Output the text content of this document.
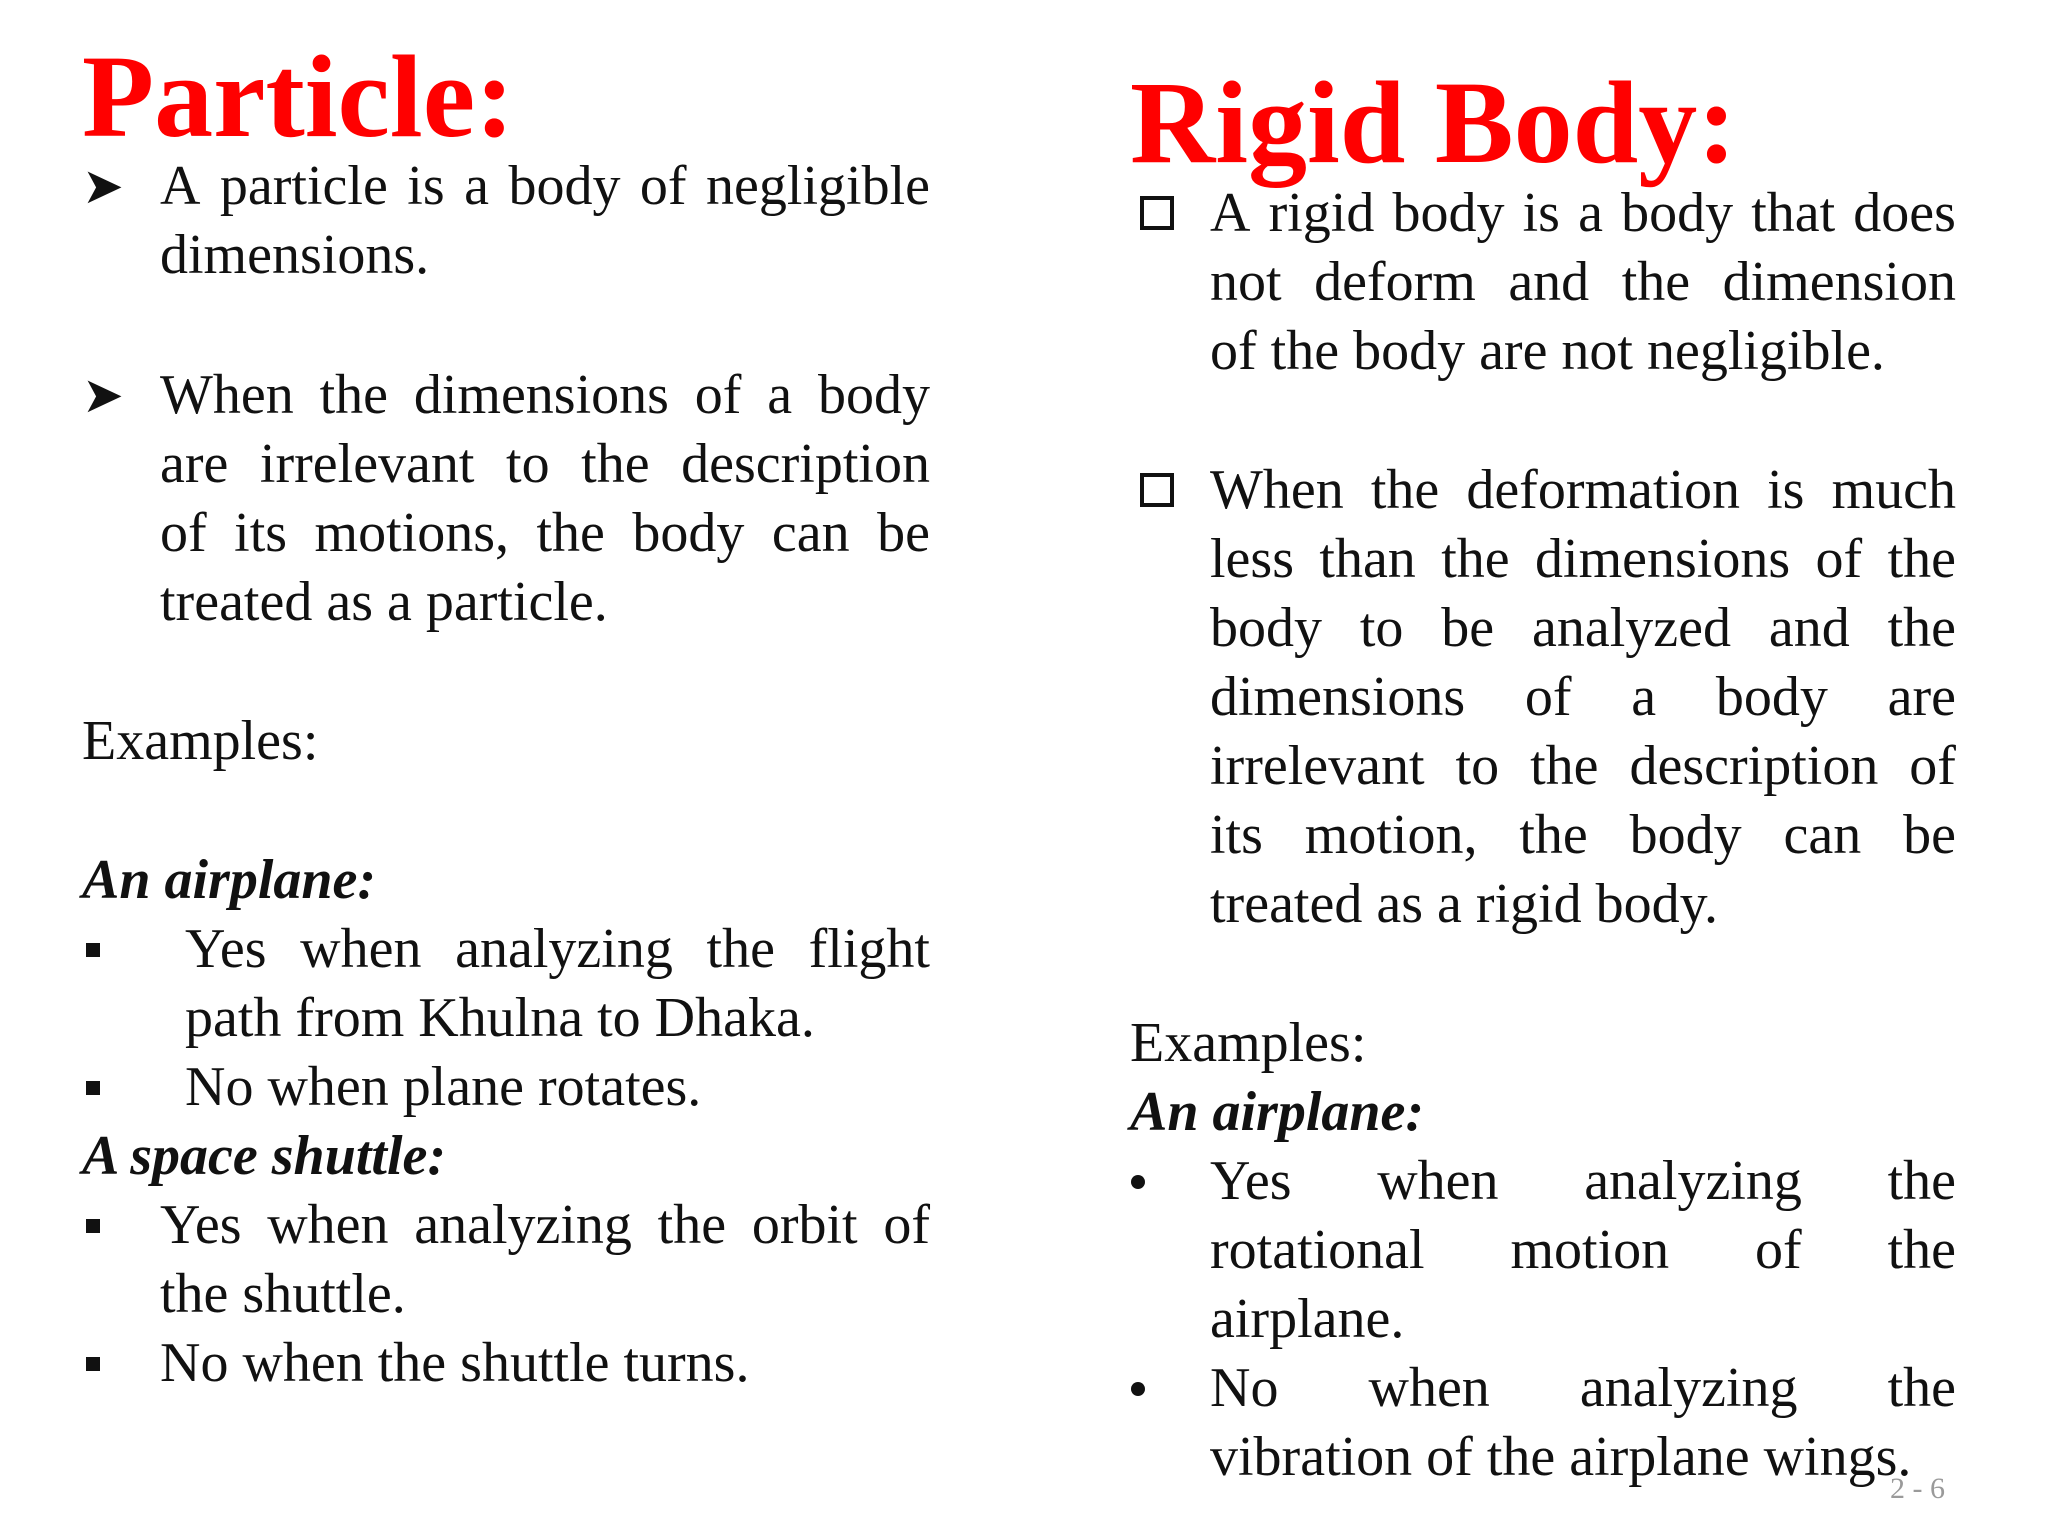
Particle:
➤ A particle is a body of negligible
dimensions.
➤ When the dimensions of a body
are irrelevant to the description
of its motions, the body can be
treated as a particle.
Examples:
An airplane:
Yes when analyzing the flight
path from Khulna to Dhaka.
No when plane rotates.
A space shuttle:
Yes when analyzing the orbit of
the shuttle.
No when the shuttle turns.
Rigid Body:
A rigid body is a body that does
not deform and the dimension
of the body are not negligible.
When the deformation is much
less than the dimensions of the
body to be analyzed and the
dimensions of a body are
irrelevant to the description of
its motion, the body can be
treated as a rigid body.
Examples:
An airplane:
Yes when analyzing the
rotational motion of the
airplane.
No when analyzing the
vibration of the airplane wings.
2 - 6
